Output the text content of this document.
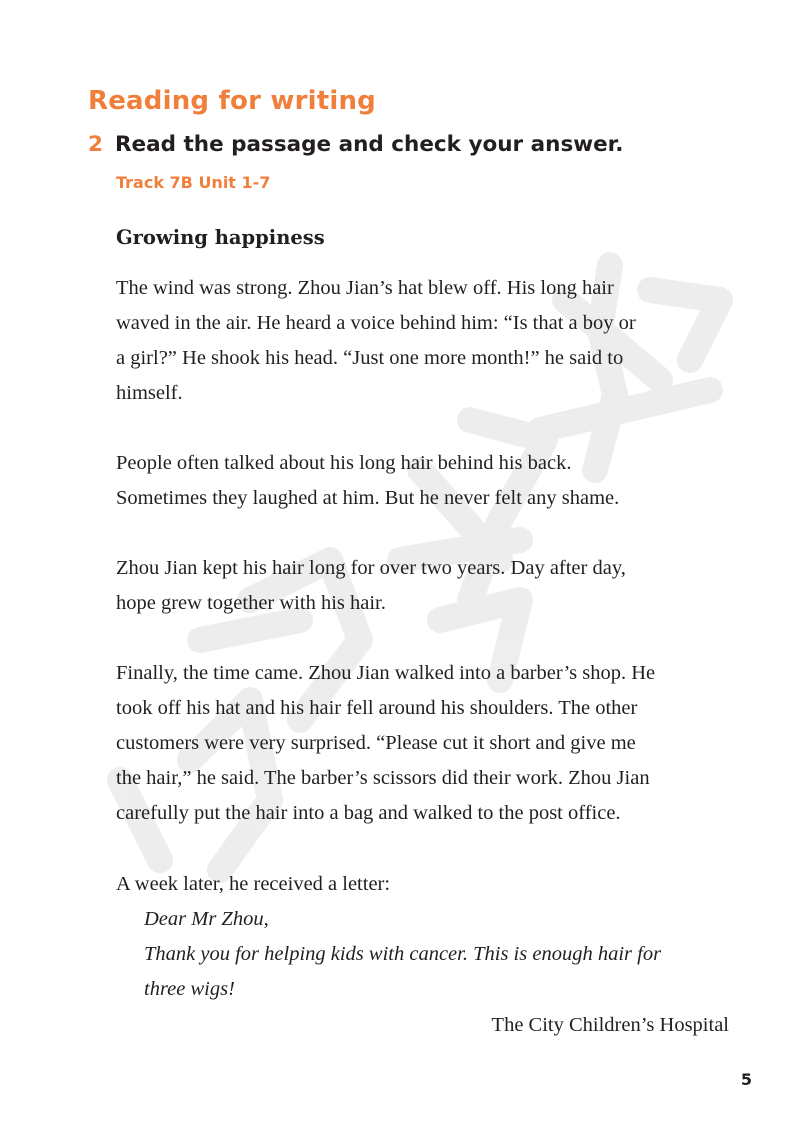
Reading for writing
2 Read the passage and check your answer.
Track 7B Unit 1-7
Growing happiness

The wind was strong. Zhou Jian’s hat blew off. His long hair
waved in the air. He heard a voice behind him: “Is that a boy or
a girl?” He shook his head. “Just one more month!” he said to
himself.

People often talked about his long hair behind his back.
Sometimes they laughed at him. But he never felt any shame.

Zhou Jian kept his hair long for over two years. Day after day,
hope grew together with his hair.

Finally, the time came. Zhou Jian walked into a barber’s shop. He
took off his hat and his hair fell around his shoulders. The other
customers were very surprised. “Please cut it short and give me
the hair,” he said. The barber’s scissors did their work. Zhou Jian
carefully put the hair into a bag and walked to the post office.

A week later, he received a letter:

Dear Mr Zhou,
Thank you for helping kids with cancer. This is enough hair for
three wigs!

The City Children’s Hospital
5
